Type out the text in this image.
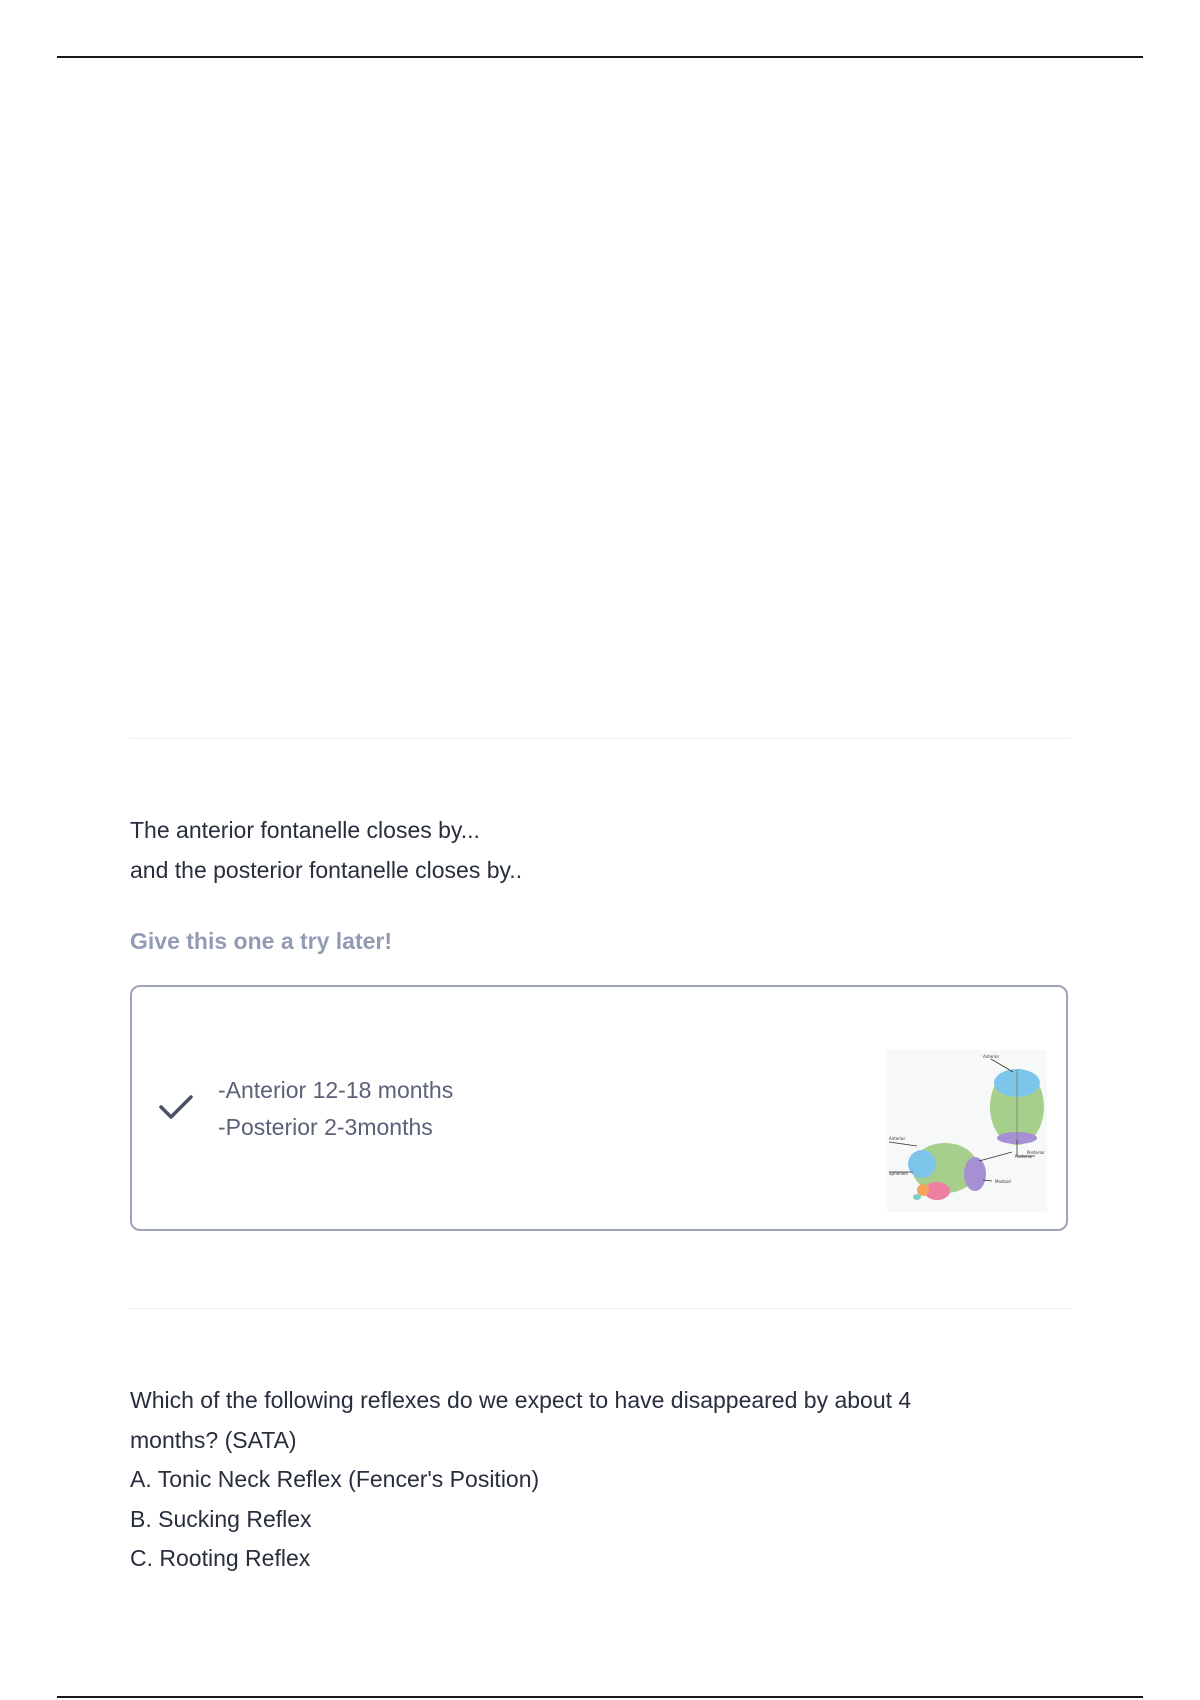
The anterior fontanelle closes by...
and the posterior fontanelle closes by..
Give this one a try later!
-Anterior 12-18 months
-Posterior 2-3months
Anterior
Posterior
Mastoid
Sphenoid
Anterior
Posterior
Which of the following reflexes do we expect to have disappeared by about 4
months? (SATA)
A. Tonic Neck Reflex (Fencer's Position)
B. Sucking Reflex
C. Rooting Reflex
